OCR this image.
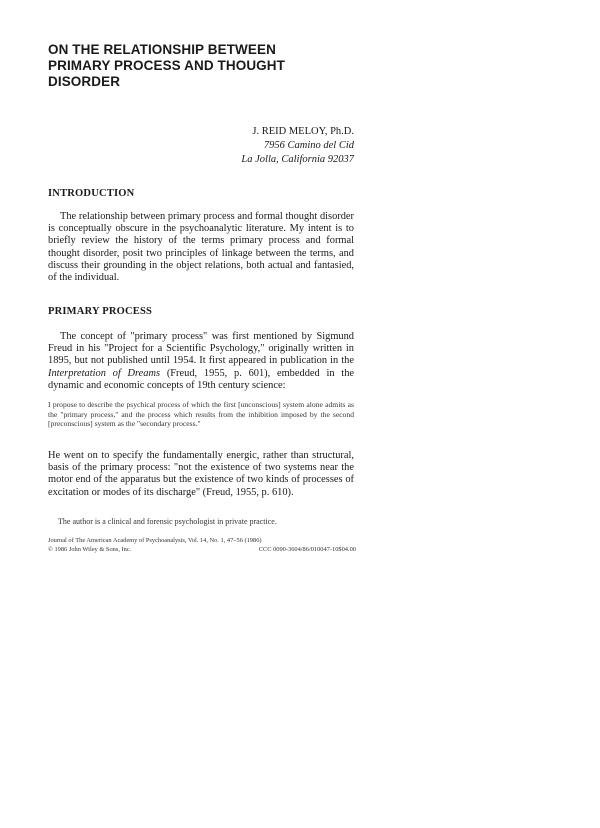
ON THE RELATIONSHIP BETWEEN
PRIMARY PROCESS AND THOUGHT
DISORDER
J. REID MELOY, Ph.D.
7956 Camino del Cid
La Jolla, California 92037
INTRODUCTION

The relationship between primary process and formal thought disorder is conceptually obscure in the psychoanalytic literature. My intent is to briefly review the history of the terms primary process and formal thought disorder, posit two principles of linkage between the terms, and discuss their grounding in the object relations, both actual and fantasied, of the individual.

PRIMARY PROCESS

The concept of "primary process" was first mentioned by Sigmund Freud in his "Project for a Scientific Psychology," originally written in 1895, but not published until 1954. It first appeared in publication in the Interpretation of Dreams (Freud, 1955, p. 601), embedded in the dynamic and economic concepts of 19th century science:

I propose to describe the psychical process of which the first [unconscious] system alone admits as the "primary process," and the process which results from the inhibition imposed by the second [preconscious] system as the "secondary process."

He went on to specify the fundamentally energic, rather than structural, basis of the primary process: "not the existence of two systems near the motor end of the apparatus but the existence of two kinds of processes of excitation or modes of its discharge" (Freud, 1955, p. 610).

The author is a clinical and forensic psychologist in private practice.

Journal of The American Academy of Psychoanalysis, Vol. 14, No. 1, 47–56 (1986)
© 1986 John Wiley & Sons, Inc.	CCC 0090-3604/86/010047-10$04.00
